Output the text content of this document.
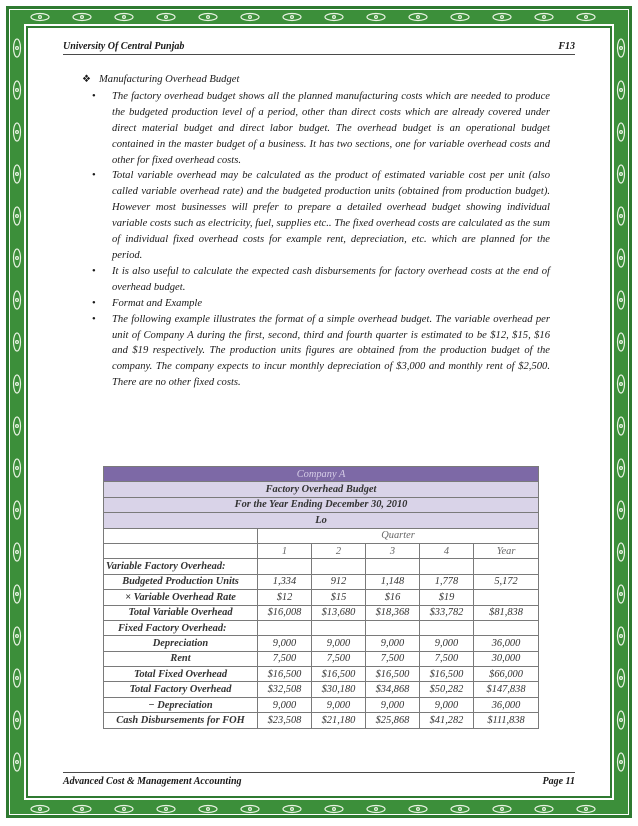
University Of Central Punjab	F13
❖ Manufacturing Overhead Budget
• The factory overhead budget shows all the planned manufacturing costs which are needed to produce the budgeted production level of a period, other than direct costs which are already covered under direct material budget and direct labor budget. The overhead budget is an operational budget contained in the master budget of a business. It has two sections, one for variable overhead costs and other for fixed overhead costs.
• Total variable overhead may be calculated as the product of estimated variable cost per unit (also called variable overhead rate) and the budgeted production units (obtained from production budget). However most businesses will prefer to prepare a detailed overhead budget showing individual variable costs such as electricity, fuel, supplies etc.. The fixed overhead costs are calculated as the sum of individual fixed overhead costs for example rent, depreciation, etc. which are planned for the period.
• It is also useful to calculate the expected cash disbursements for factory overhead costs at the end of overhead budget.
• Format and Example
• The following example illustrates the format of a simple overhead budget. The variable overhead per unit of Company A during the first, second, third and fourth quarter is estimated to be $12, $15, $16 and $19 respectively. The production units figures are obtained from the production budget of the company. The company expects to incur monthly depreciation of $3,000 and monthly rent of $2,500. There are no other fixed costs.
Company A					
Factory Overhead Budget					
For the Year Ending December 30, 2010					
Lo					
	Quarter				
	1	2	3	4	Year
Variable Factory Overhead:					
Budgeted Production Units	1,334	912	1,148	1,778	5,172
× Variable Overhead Rate	$12	$15	$16	$19	
Total Variable Overhead	$16,008	$13,680	$18,368	$33,782	$81,838
Fixed Factory Overhead:					
Depreciation	9,000	9,000	9,000	9,000	36,000
Rent	7,500	7,500	7,500	7,500	30,000
Total Fixed Overhead	$16,500	$16,500	$16,500	$16,500	$66,000
Total Factory Overhead	$32,508	$30,180	$34,868	$50,282	$147,838
− Depreciation	9,000	9,000	9,000	9,000	36,000
Cash Disbursements for FOH	$23,508	$21,180	$25,868	$41,282	$111,838
Advanced Cost & Management Accounting	Page 11
